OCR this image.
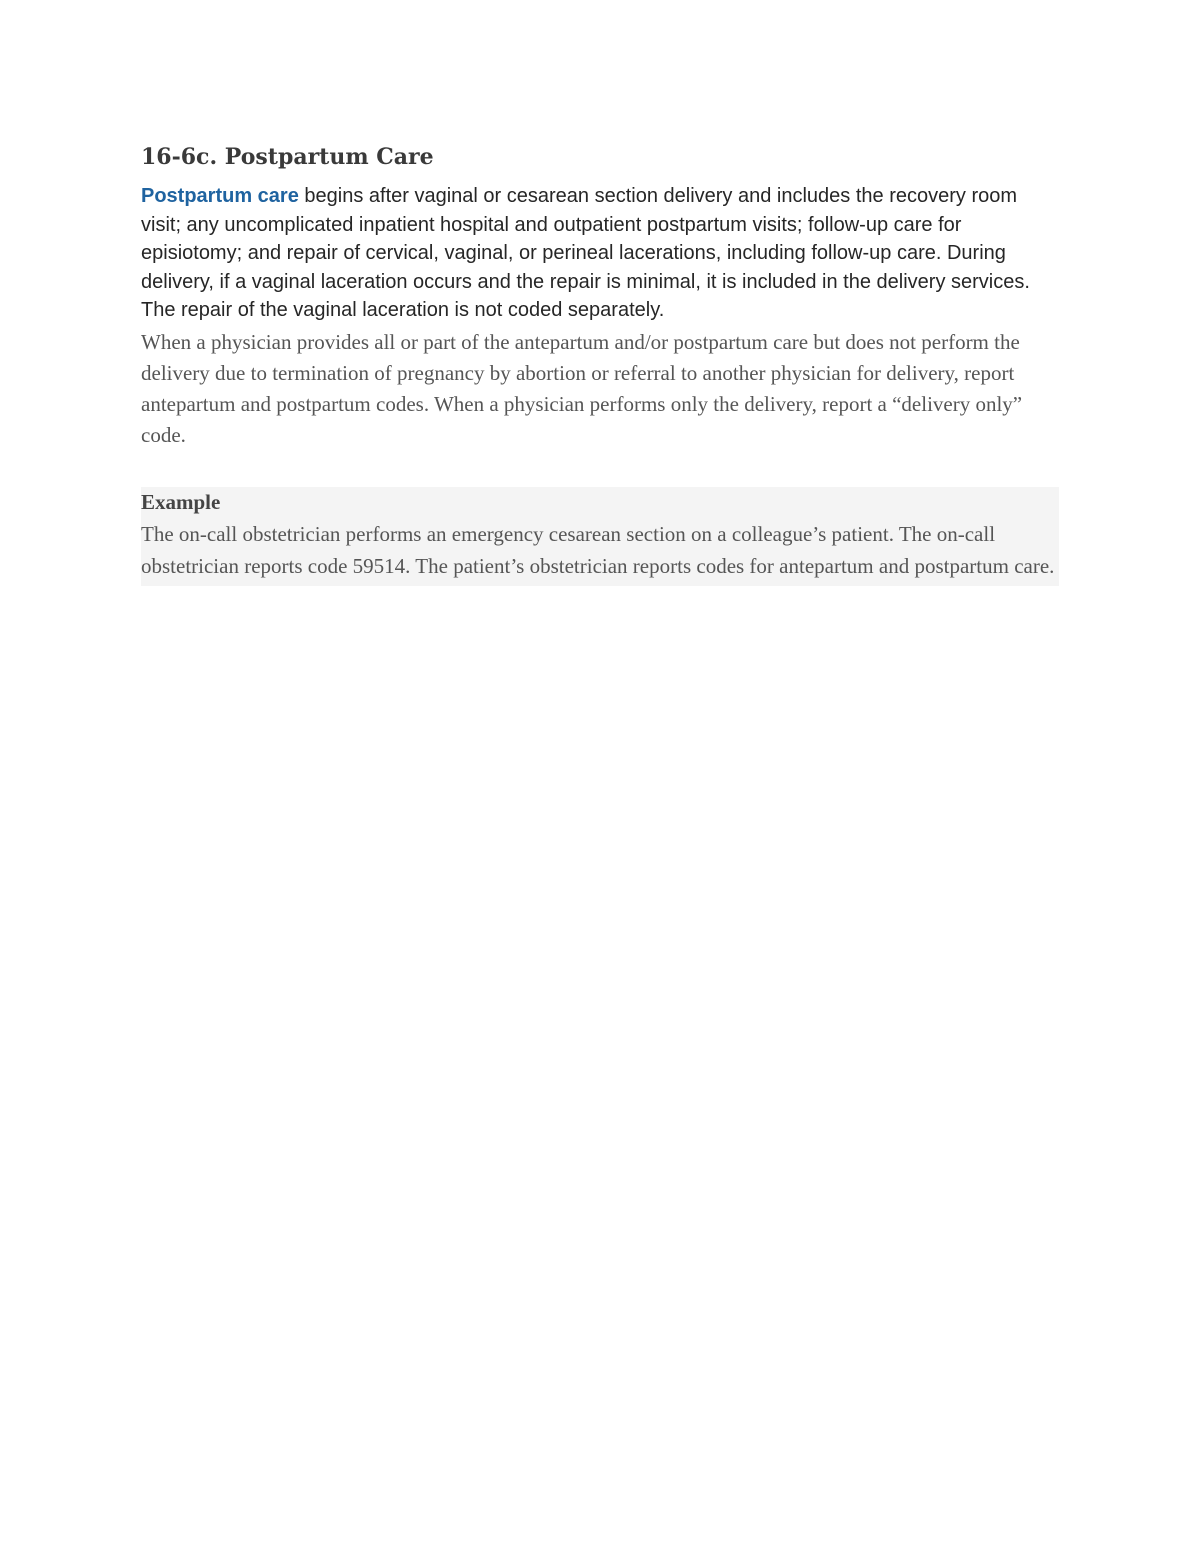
16-6c. Postpartum Care

Postpartum care begins after vaginal or cesarean section delivery and includes the recovery room visit; any uncomplicated inpatient hospital and outpatient postpartum visits; follow-up care for episiotomy; and repair of cervical, vaginal, or perineal lacerations, including follow-up care. During delivery, if a vaginal laceration occurs and the repair is minimal, it is included in the delivery services. The repair of the vaginal laceration is not coded separately.

When a physician provides all or part of the antepartum and/or postpartum care but does not perform the delivery due to termination of pregnancy by abortion or referral to another physician for delivery, report antepartum and postpartum codes. When a physician performs only the delivery, report a “delivery only” code.

Example

The on-call obstetrician performs an emergency cesarean section on a colleague’s patient. The on-call obstetrician reports code 59514. The patient’s obstetrician reports codes for antepartum and postpartum care.
